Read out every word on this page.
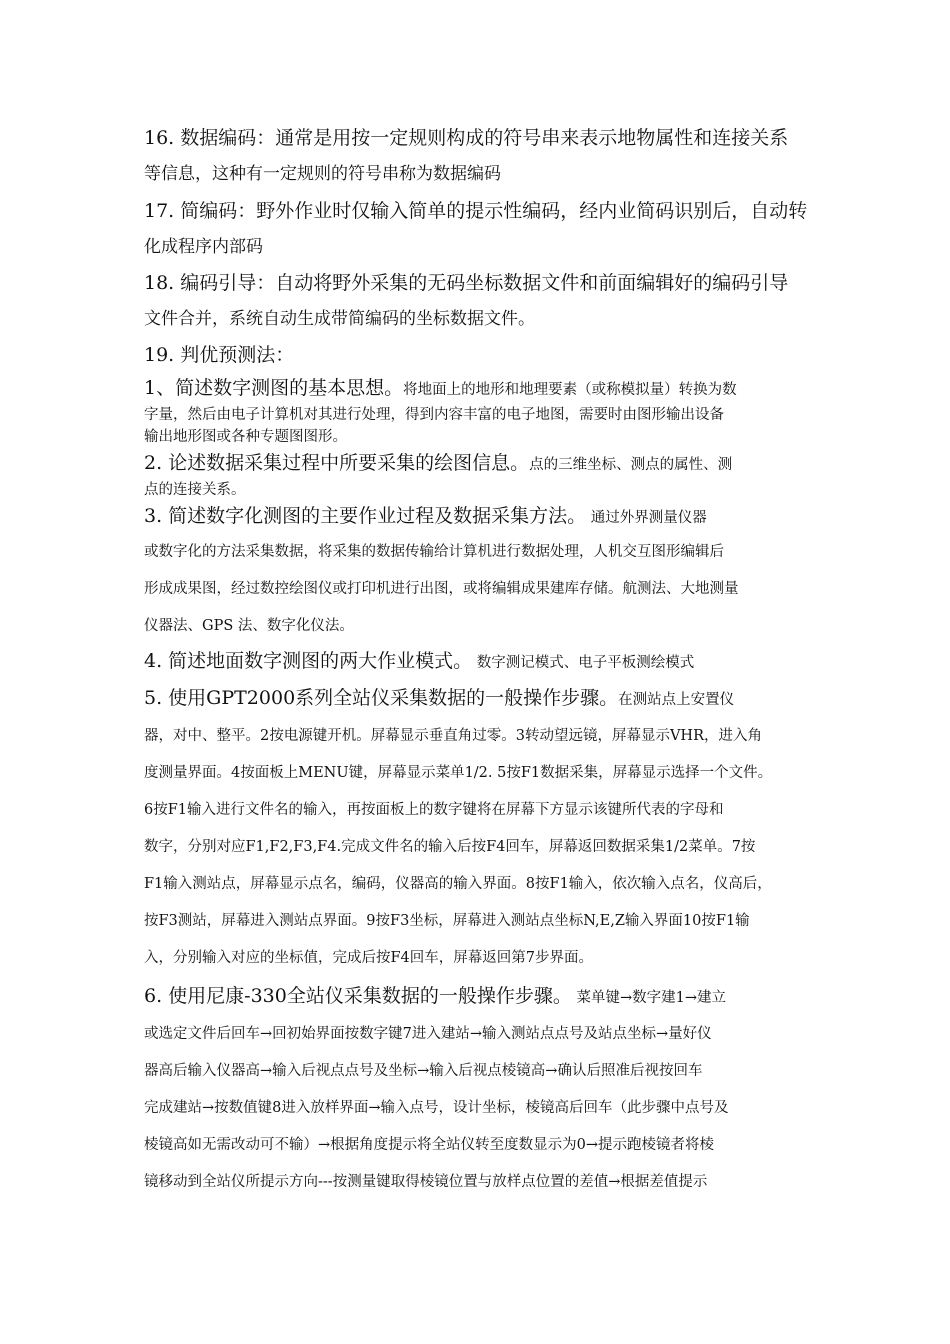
16. 数据编码：通常是用按一定规则构成的符号串来表示地物属性和连接关系
等信息，这种有一定规则的符号串称为数据编码
17. 简编码：野外作业时仅输入简单的提示性编码，经内业简码识别后，自动转
化成程序内部码
18. 编码引导：自动将野外采集的无码坐标数据文件和前面编辑好的编码引导
文件合并，系统自动生成带简编码的坐标数据文件。
19. 判优预测法：
1、简述数字测图的基本思想。将地面上的地形和地理要素（或称模拟量）转换为数
字量，然后由电子计算机对其进行处理，得到内容丰富的电子地图，需要时由图形输出设备
输出地形图或各种专题图图形。
2. 论述数据采集过程中所要采集的绘图信息。点的三维坐标、测点的属性、测
点的连接关系。
3. 简述数字化测图的主要作业过程及数据采集方法。 通过外界测量仪器
或数字化的方法采集数据，将采集的数据传输给计算机进行数据处理，人机交互图形编辑后
形成成果图，经过数控绘图仪或打印机进行出图，或将编辑成果建库存储。航测法、大地测量
仪器法、GPS 法、数字化仪法。
4. 简述地面数字测图的两大作业模式。 数字测记模式、电子平板测绘模式
5. 使用GPT2000系列全站仪采集数据的一般操作步骤。在测站点上安置仪
器，对中、整平。2按电源键开机。屏幕显示垂直角过零。3转动望远镜，屏幕显示VHR，进入角
度测量界面。4按面板上MENU键，屏幕显示菜单1/2. 5按F1数据采集，屏幕显示选择一个文件。
6按F1输入进行文件名的输入，再按面板上的数字键将在屏幕下方显示该键所代表的字母和
数字，分别对应F1,F2,F3,F4.完成文件名的输入后按F4回车，屏幕返回数据采集1/2菜单。7按
F1输入测站点，屏幕显示点名，编码，仪器高的输入界面。8按F1输入，依次输入点名，仪高后，
按F3测站，屏幕进入测站点界面。9按F3坐标，屏幕进入测站点坐标N,E,Z输入界面10按F1输
入，分别输入对应的坐标值，完成后按F4回车，屏幕返回第7步界面。
6. 使用尼康-330全站仪采集数据的一般操作步骤。 菜单键→数字建1→建立
或选定文件后回车→回初始界面按数字键7进入建站→输入测站点点号及站点坐标→量好仪
器高后输入仪器高→输入后视点点号及坐标→输入后视点棱镜高→确认后照准后视按回车
完成建站→按数值键8进入放样界面→输入点号，设计坐标，棱镜高后回车（此步骤中点号及
棱镜高如无需改动可不输）→根据角度提示将全站仪转至度数显示为0→提示跑棱镜者将棱
镜移动到全站仪所提示方向---按测量键取得棱镜位置与放样点位置的差值→根据差值提示
